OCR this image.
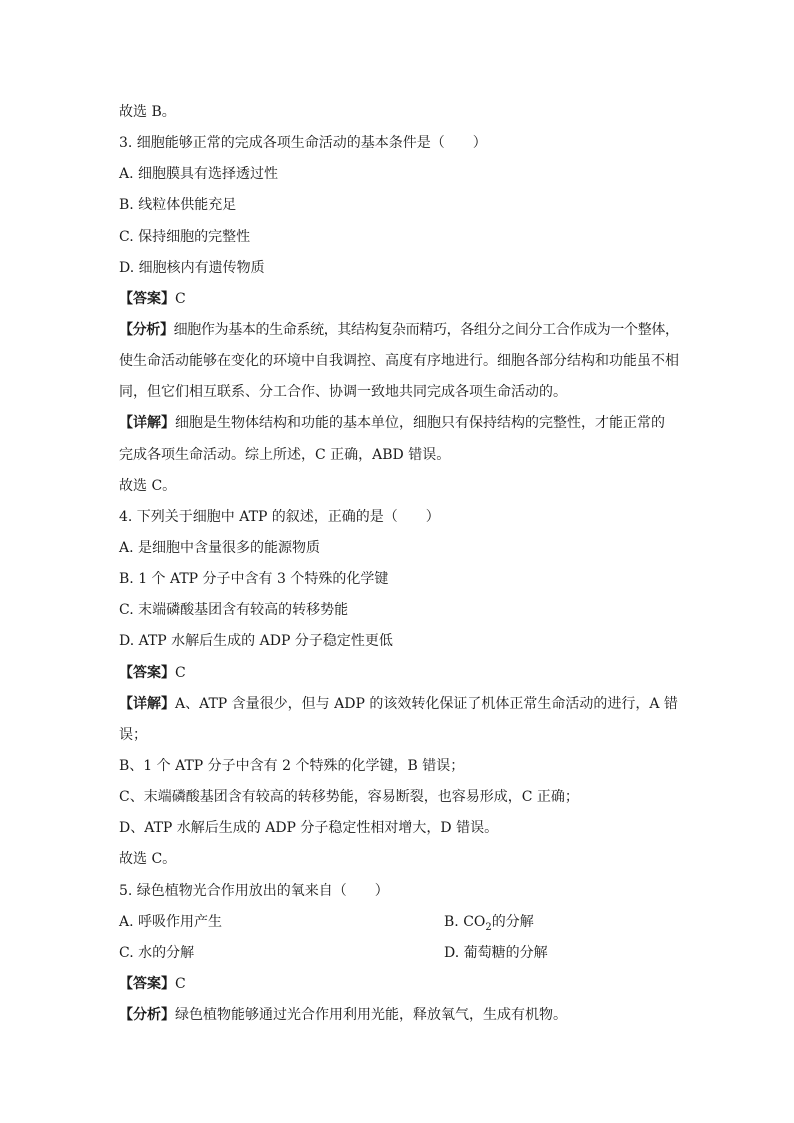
故选 B。
3. 细胞能够正常的完成各项生命活动的基本条件是（　　）
A. 细胞膜具有选择透过性
B. 线粒体供能充足
C. 保持细胞的完整性
D. 细胞核内有遗传物质
【答案】C
【分析】细胞作为基本的生命系统，其结构复杂而精巧，各组分之间分工合作成为一个整体，
使生命活动能够在变化的环境中自我调控、高度有序地进行。细胞各部分结构和功能虽不相
同，但它们相互联系、分工合作、协调一致地共同完成各项生命活动的。
【详解】细胞是生物体结构和功能的基本单位，细胞只有保持结构的完整性，才能正常的
完成各项生命活动。综上所述，C 正确，ABD 错误。
故选 C。
4. 下列关于细胞中 ATP 的叙述，正确的是（　　）
A. 是细胞中含量很多的能源物质
B. 1 个 ATP 分子中含有 3 个特殊的化学键
C. 末端磷酸基团含有较高的转移势能
D. ATP 水解后生成的 ADP 分子稳定性更低
【答案】C
【详解】A、ATP 含量很少，但与 ADP 的该效转化保证了机体正常生命活动的进行，A 错
误；
B、1 个 ATP 分子中含有 2 个特殊的化学键，B 错误；
C、末端磷酸基团含有较高的转移势能，容易断裂，也容易形成，C 正确；
D、ATP 水解后生成的 ADP 分子稳定性相对增大，D 错误。
故选 C。
5. 绿色植物光合作用放出的氧来自（　　）
A. 呼吸作用产生	B. $CO_2$的分解
C. 水的分解	D. 葡萄糖的分解
【答案】C
【分析】绿色植物能够通过光合作用利用光能，释放氧气，生成有机物。
